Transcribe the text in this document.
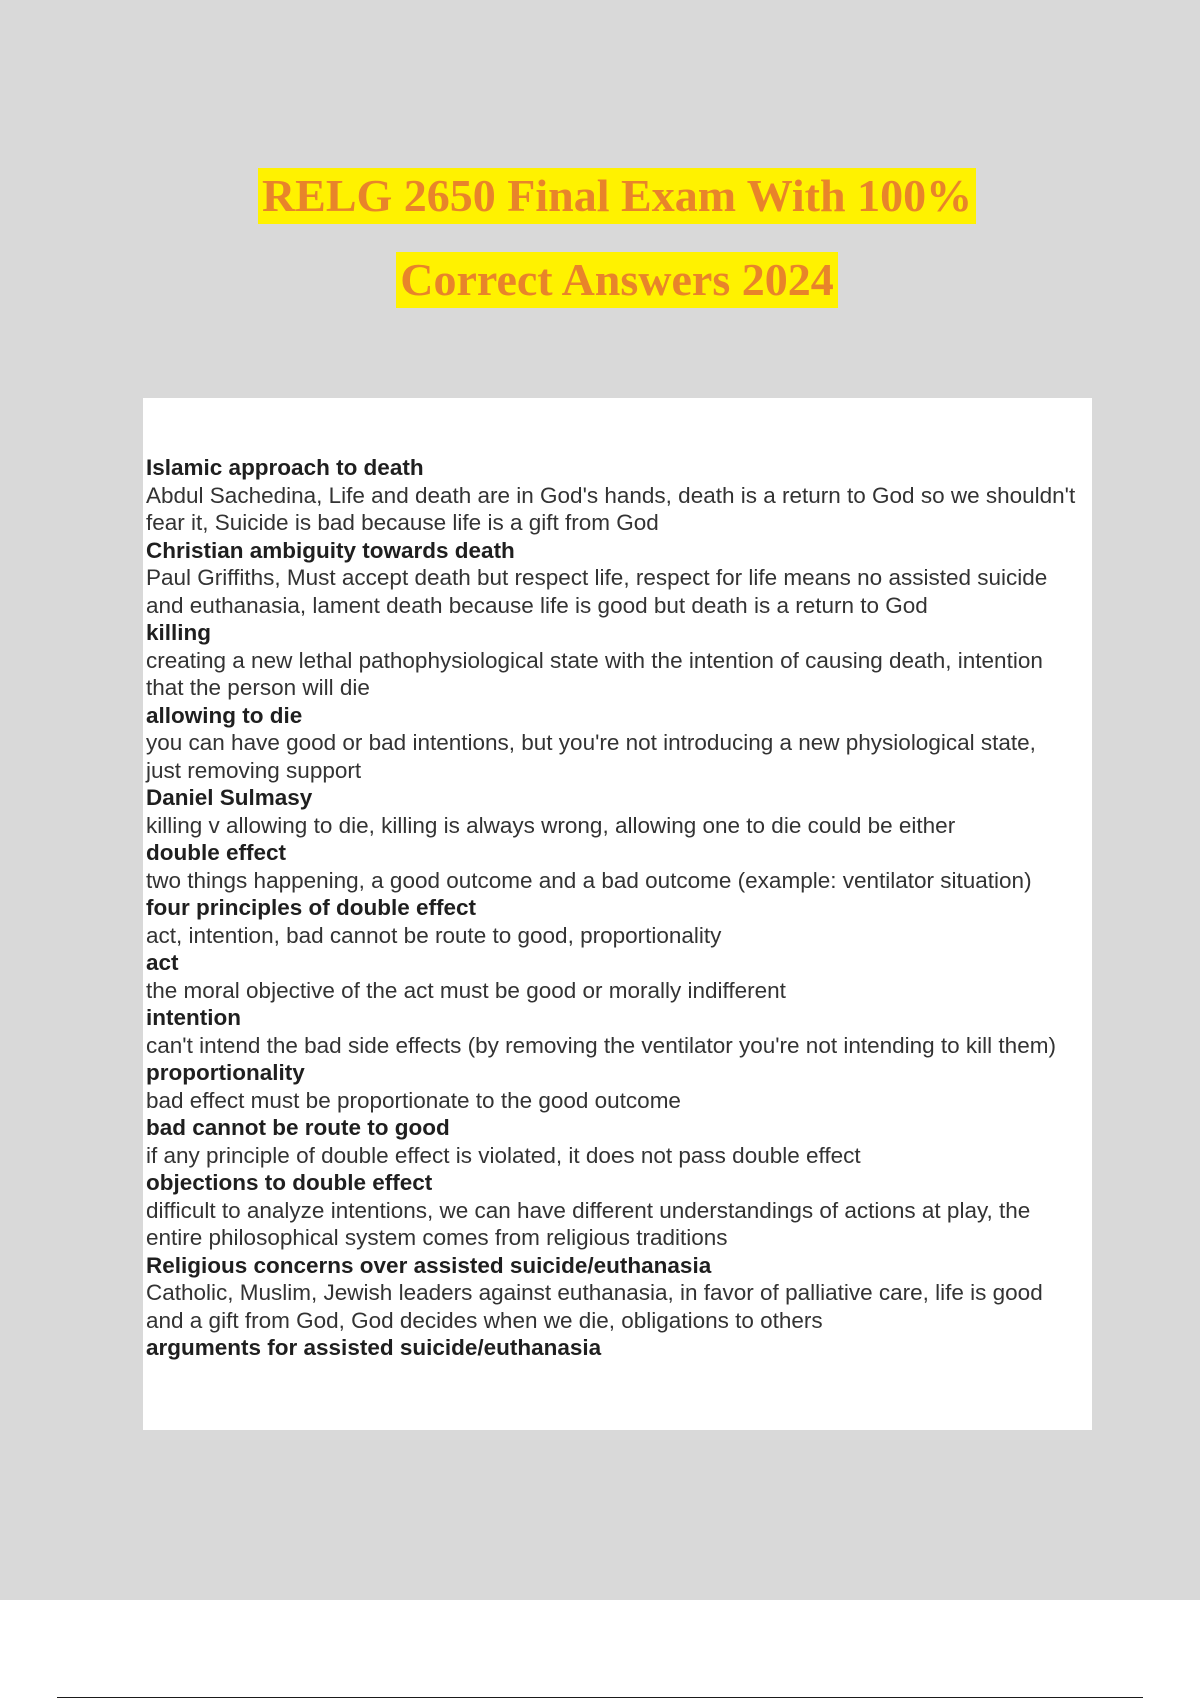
RELG 2650 Final Exam With 100%
Correct Answers 2024
Islamic approach to death
Abdul Sachedina, Life and death are in God's hands, death is a return to God so we shouldn't fear it, Suicide is bad because life is a gift from God
Christian ambiguity towards death
Paul Griffiths, Must accept death but respect life, respect for life means no assisted suicide and euthanasia, lament death because life is good but death is a return to God
killing
creating a new lethal pathophysiological state with the intention of causing death, intention that the person will die
allowing to die
you can have good or bad intentions, but you're not introducing a new physiological state, just removing support
Daniel Sulmasy
killing v allowing to die, killing is always wrong, allowing one to die could be either
double effect
two things happening, a good outcome and a bad outcome (example: ventilator situation)
four principles of double effect
act, intention, bad cannot be route to good, proportionality
act
the moral objective of the act must be good or morally indifferent
intention
can't intend the bad side effects (by removing the ventilator you're not intending to kill them)
proportionality
bad effect must be proportionate to the good outcome
bad cannot be route to good
if any principle of double effect is violated, it does not pass double effect
objections to double effect
difficult to analyze intentions, we can have different understandings of actions at play, the entire philosophical system comes from religious traditions
Religious concerns over assisted suicide/euthanasia
Catholic, Muslim, Jewish leaders against euthanasia, in favor of palliative care, life is good and a gift from God, God decides when we die, obligations to others
arguments for assisted suicide/euthanasia
